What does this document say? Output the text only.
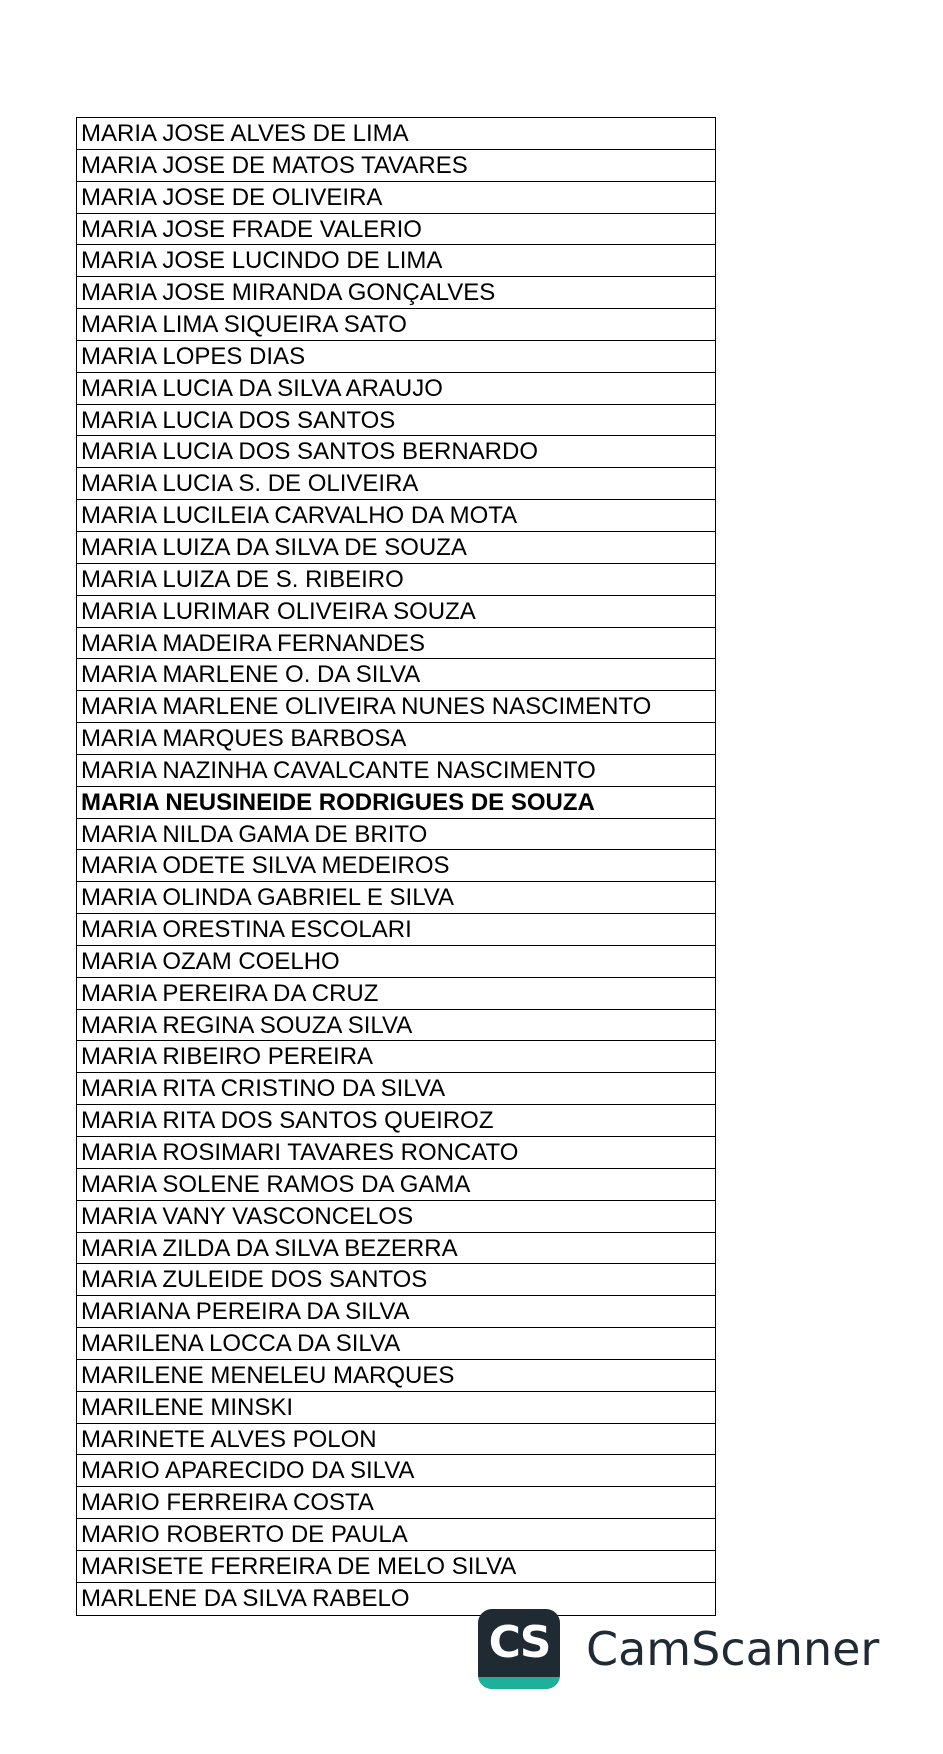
MARIA JOSE ALVES DE LIMA
MARIA JOSE DE MATOS TAVARES
MARIA JOSE DE OLIVEIRA
MARIA JOSE FRADE VALERIO
MARIA JOSE LUCINDO DE LIMA
MARIA JOSE MIRANDA GONÇALVES
MARIA LIMA SIQUEIRA SATO
MARIA LOPES DIAS
MARIA LUCIA DA SILVA ARAUJO
MARIA LUCIA DOS SANTOS
MARIA LUCIA DOS SANTOS BERNARDO
MARIA LUCIA S. DE OLIVEIRA
MARIA LUCILEIA CARVALHO DA MOTA
MARIA LUIZA DA SILVA DE SOUZA
MARIA LUIZA DE S. RIBEIRO
MARIA LURIMAR OLIVEIRA SOUZA
MARIA MADEIRA FERNANDES
MARIA MARLENE O. DA SILVA
MARIA MARLENE OLIVEIRA NUNES NASCIMENTO
MARIA MARQUES BARBOSA
MARIA NAZINHA CAVALCANTE NASCIMENTO
MARIA NEUSINEIDE RODRIGUES DE SOUZA
MARIA NILDA GAMA DE BRITO
MARIA ODETE SILVA MEDEIROS
MARIA OLINDA GABRIEL E SILVA
MARIA ORESTINA ESCOLARI
MARIA OZAM COELHO
MARIA PEREIRA DA CRUZ
MARIA REGINA SOUZA SILVA
MARIA RIBEIRO PEREIRA
MARIA RITA CRISTINO DA SILVA
MARIA RITA DOS SANTOS QUEIROZ
MARIA ROSIMARI TAVARES RONCATO
MARIA SOLENE RAMOS DA GAMA
MARIA VANY VASCONCELOS
MARIA ZILDA DA SILVA BEZERRA
MARIA ZULEIDE DOS SANTOS
MARIANA PEREIRA DA SILVA
MARILENA LOCCA DA SILVA
MARILENE MENELEU MARQUES
MARILENE MINSKI
MARINETE ALVES POLON
MARIO APARECIDO DA SILVA
MARIO FERREIRA COSTA
MARIO ROBERTO DE PAULA
MARISETE FERREIRA DE MELO SILVA
MARLENE DA SILVA RABELO
CS CamScanner
